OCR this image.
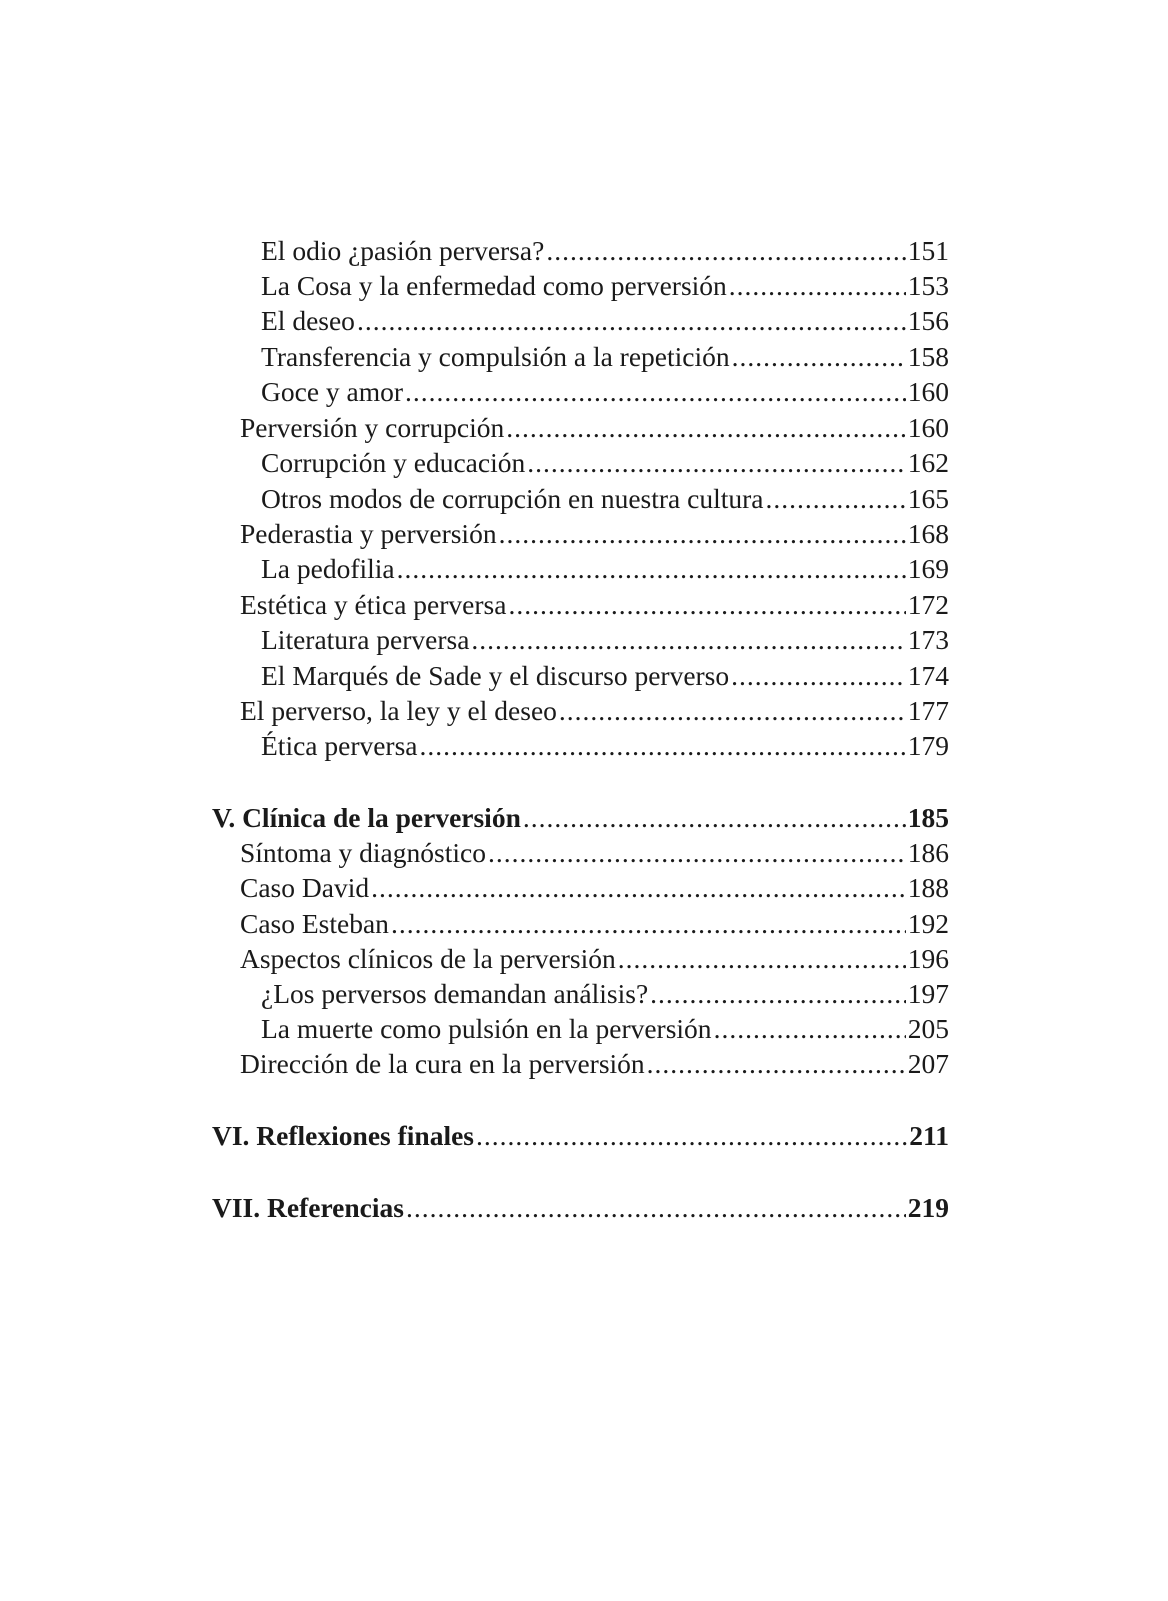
El odio ¿pasión perversa? .....	151
La Cosa y la enfermedad como perversión .....	153
El deseo .....	156
Transferencia y compulsión a la repetición .....	158
Goce y amor .....	160
Perversión y corrupción .....	160
Corrupción y educación .....	162
Otros modos de corrupción en nuestra cultura .....	165
Pederastia y perversión .....	168
La pedofilia .....	169
Estética y ética perversa .....	172
Literatura perversa .....	173
El Marqués de Sade y el discurso perverso .....	174
El perverso, la ley y el deseo .....	177
Ética perversa .....	179
V. Clínica de la perversión .....	185
Síntoma y diagnóstico .....	186
Caso David .....	188
Caso Esteban .....	192
Aspectos clínicos de la perversión .....	196
¿Los perversos demandan análisis? .....	197
La muerte como pulsión en la perversión .....	205
Dirección de la cura en la perversión .....	207
VI. Reflexiones finales .....	211
VII. Referencias .....	219
